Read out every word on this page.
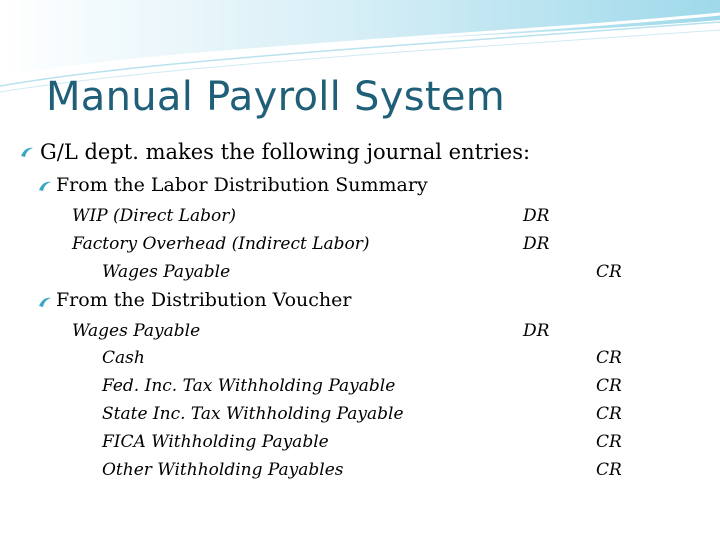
Manual Payroll System
G/L dept. makes the following journal entries:
From the Labor Distribution Summary
WIP (Direct Labor)	DR
Factory Overhead (Indirect Labor)	DR
Wages Payable	CR
From the Distribution Voucher
Wages Payable	DR
Cash	CR
Fed. Inc. Tax Withholding Payable	CR
State Inc. Tax Withholding Payable	CR
FICA Withholding Payable	CR
Other Withholding Payables	CR
